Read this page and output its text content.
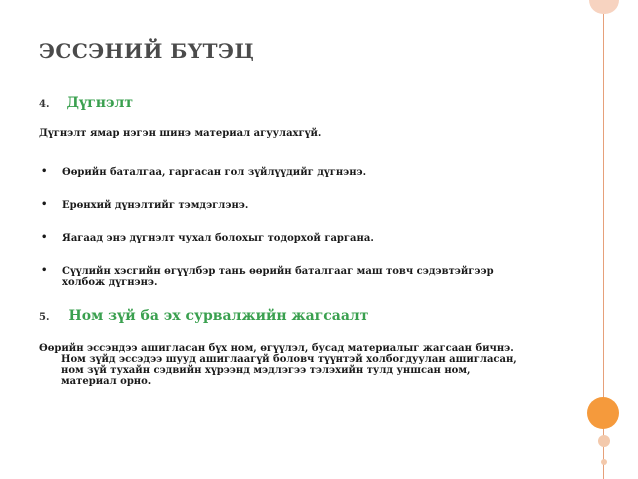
ЭССЭНИЙ БҮТЭЦ
4. Дүгнэлт
Дүгнэлт ямар нэгэн шинэ материал агуулахгүй.
• Өөрийн баталгаа, гаргасан гол зүйлүүдийг дүгнэнэ.
• Ерөнхий дүнэлтийг тэмдэглэнэ.
• Яагаад энэ дүгнэлт чухал болохыг тодорхой гаргана.
• Сүүлийн хэсгийн өгүүлбэр тань өөрийн баталгааг маш товч сэдэвтэйгээр
холбож дүгнэнэ.
5. Ном зүй ба эх сурвалжийн жагсаалт
Өөрийн эссэндээ ашигласан бүх ном, өгүүлэл, бусад материалыг жагсаан бичнэ.
Ном зүйд эссэдээ шууд ашиглаагүй боловч түүнтэй холбогдуулан ашигласан,
ном зүй тухайн сэдвийн хүрээнд мэдлэгээ тэлэхийн тулд уншсан ном,
материал орно.
